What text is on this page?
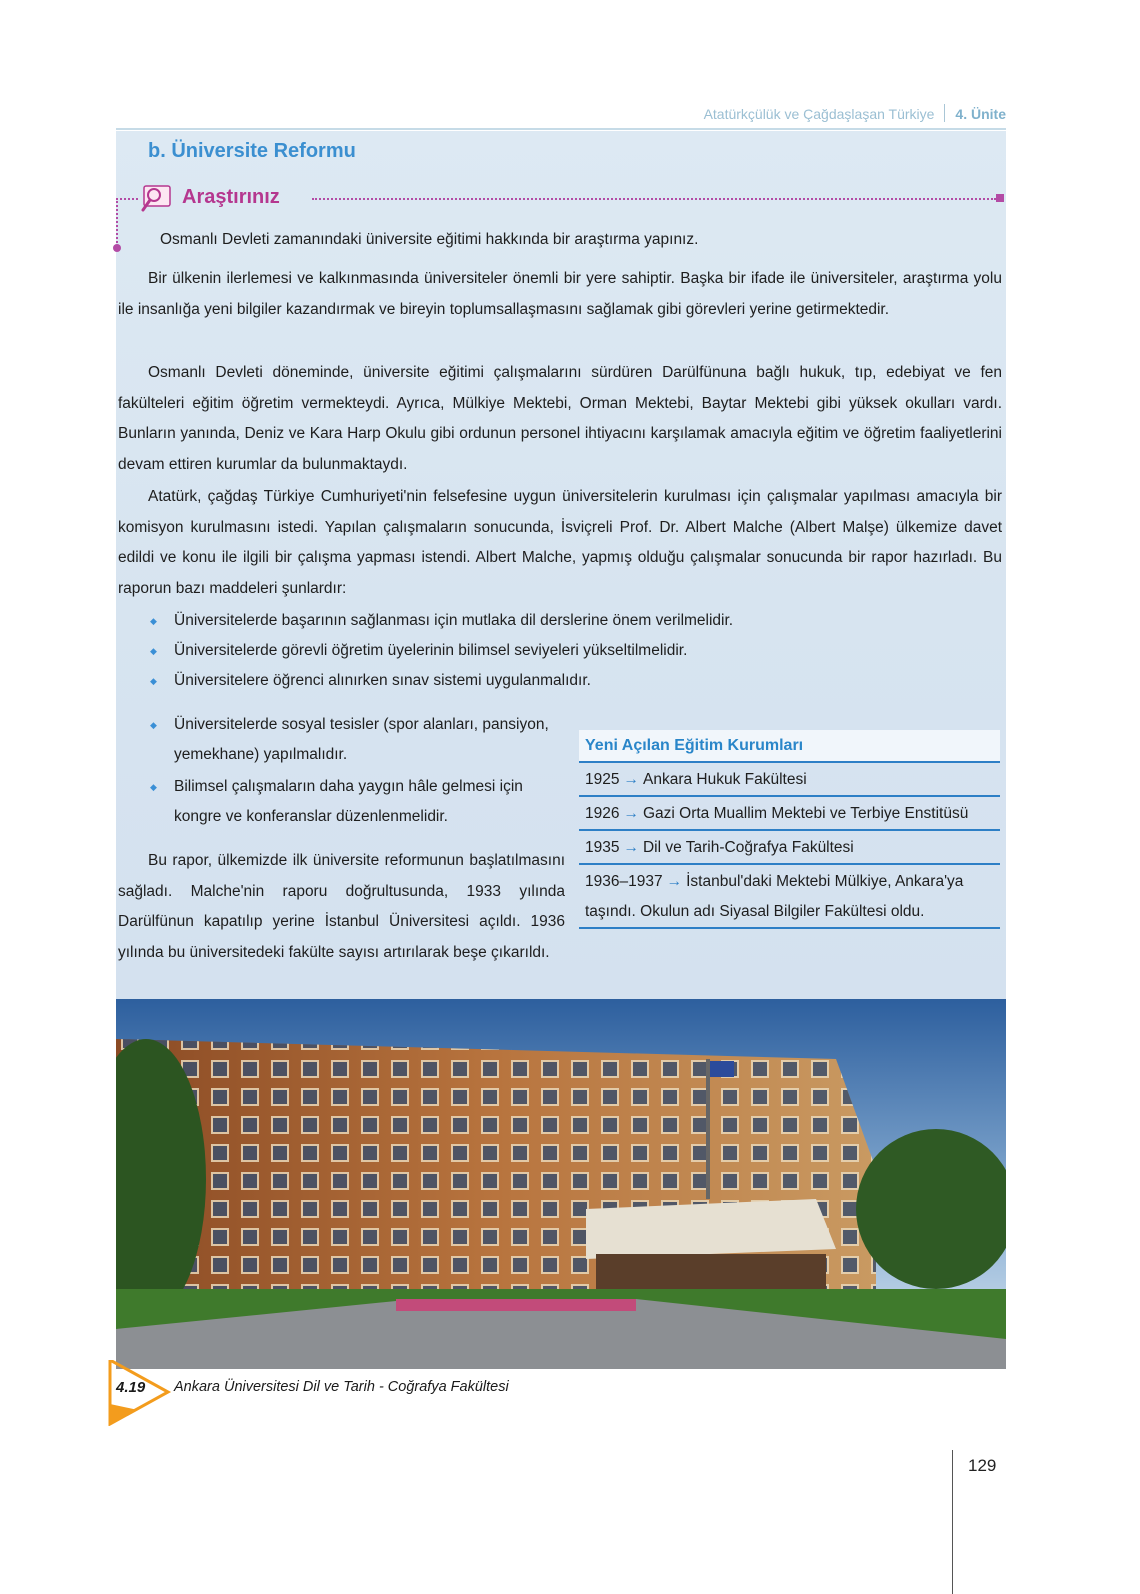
Atatürkçülük ve Çağdaşlaşan Türkiye 4. Ünite
b. Üniversite Reformu
Araştırınız

Osmanlı Devleti zamanındaki üniversite eğitimi hakkında bir araştırma yapınız.

Bir ülkenin ilerlemesi ve kalkınmasında üniversiteler önemli bir yere sahiptir. Başka bir ifade ile üniversiteler, araştırma yolu ile insanlığa yeni bilgiler kazandırmak ve bireyin toplumsallaşmasını sağlamak gibi görevleri yerine getirmektedir.

Osmanlı Devleti döneminde, üniversite eğitimi çalışmalarını sürdüren Darülfünuna bağlı hukuk, tıp, edebiyat ve fen fakülteleri eğitim öğretim vermekteydi. Ayrıca, Mülkiye Mektebi, Orman Mektebi, Baytar Mektebi gibi yüksek okulları vardı. Bunların yanında, Deniz ve Kara Harp Okulu gibi ordunun personel ihtiyacını karşılamak amacıyla eğitim ve öğretim faaliyetlerini devam ettiren kurumlar da bulunmaktaydı.

Atatürk, çağdaş Türkiye Cumhuriyeti'nin felsefesine uygun üniversitelerin kurulması için çalışmalar yapılması amacıyla bir komisyon kurulmasını istedi. Yapılan çalışmaların sonucunda, İsviçreli Prof. Dr. Albert Malche (Albert Malşe) ülkemize davet edildi ve konu ile ilgili bir çalışma yapması istendi. Albert Malche, yapmış olduğu çalışmalar sonucunda bir rapor hazırladı. Bu raporun bazı maddeleri şunlardır:

◆ Üniversitelerde başarının sağlanması için mutlaka dil derslerine önem verilmelidir.
◆ Üniversitelerde görevli öğretim üyelerinin bilimsel seviyeleri yükseltilmelidir.
◆ Üniversitelere öğrenci alınırken sınav sistemi uygulanmalıdır.
◆ Üniversitelerde sosyal tesisler (spor alanları, pansiyon, yemekhane) yapılmalıdır.
◆ Bilimsel çalışmaların daha yaygın hâle gelmesi için kongre ve konferanslar düzenlenmelidir.

Bu rapor, ülkemizde ilk üniversite reformunun başlatılmasını sağladı. Malche'nin raporu doğrultusunda, 1933 yılında Darülfünun kapatılıp yerine İstanbul Üniversitesi açıldı. 1936 yılında bu üniversitedeki fakülte sayısı artırılarak beşe çıkarıldı.

Yeni Açılan Eğitim Kurumları
1925 → Ankara Hukuk Fakültesi
1926 → Gazi Orta Muallim Mektebi ve Terbiye Enstitüsü
1935 → Dil ve Tarih-Coğrafya Fakültesi
1936–1937 → İstanbul'daki Mektebi Mülkiye, Ankara'ya taşındı. Okulun adı Siyasal Bilgiler Fakültesi oldu.
4.19 Ankara Üniversitesi Dil ve Tarih - Coğrafya Fakültesi
129
